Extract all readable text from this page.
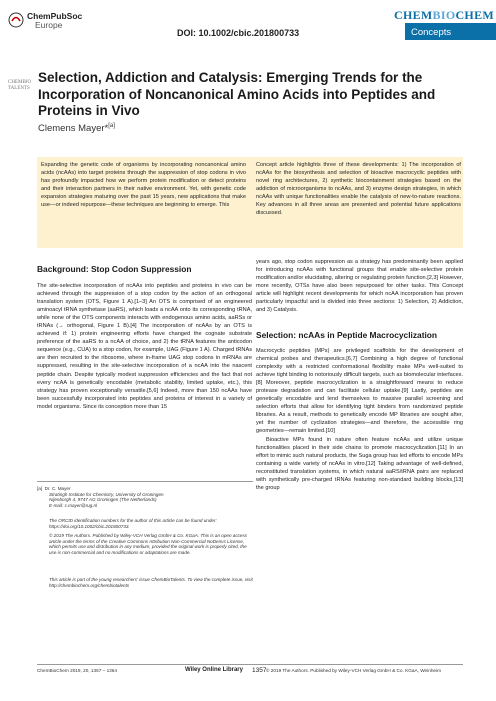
ChemPubSoc
Europe
DOI: 10.1002/cbic.201800733	Concepts
CHEMBIOCHEM
CHEMBIO TALENTS
Selection, Addiction and Catalysis: Emerging Trends for the Incorporation of Noncanonical Amino Acids into Peptides and Proteins in Vivo
Clemens Mayer*[a]
Expanding the genetic code of organisms by incorporating noncanonical amino acids (ncAAs) into target proteins through the suppression of stop codons in vivo has profoundly impacted how we perform protein modification or detect proteins and their interaction partners in their native environment. Yet, with genetic code expansion strategies maturing over the past 15 years, new applications that make use—or indeed repurpose—these techniques are beginning to emerge. This
Concept article highlights three of these developments: 1) The incorporation of ncAAs for the biosynthesis and selection of bioactive macrocyclic peptides with novel ring architectures, 2) synthetic biocontainment strategies based on the addiction of microorganisms to ncAAs, and 3) enzyme design strategies, in which ncAAs with unique functionalities enable the catalysis of new-to-nature reactions. Key advances in all three areas are presented and potential future applications discussed.
Background: Stop Codon Suppression

The site-selective incorporation of ncAAs into peptides and proteins in vivo can be achieved through the suppression of a stop codon by the action of an orthogonal translation system (OTS, Figure 1 A).[1–3] An OTS is comprised of an engineered aminoacyl tRNA synthetase (aaRS), which loads a ncAA onto its corresponding tRNA, while none of the OTS components interacts with endogenous amino acids, aaRSs or tRNAs (→ orthogonal, Figure 1 B).[4] The incorporation of ncAAs by an OTS is achieved if: 1) protein engineering efforts have changed the cognate substrate preference of the aaRS to a ncAA of choice, and 2) the tRNA features the anticodon sequence (e.g., CUA) to a stop codon, for example, UAG (Figure 1 A). Charged tRNAs are then recruited to the ribosome, where in-frame UAG stop codons in mRNAs are suppressed, resulting in the site-selective incorporation of a ncAA into the nascent peptide chain. Despite typically modest suppression efficiencies and the fact that not every ncAA is genetically encodable (metabolic stability, limited uptake, etc.), this strategy has proven exceptionally versatile.[5,6] Indeed, more than 150 ncAAs have been successfully incorporated into peptides and proteins of interest in a variety of model organisms. Since its conception more than 15

years ago, stop codon suppression as a strategy has predominantly been applied for introducing ncAAs with functional groups that enable site-selective protein modification and/or elucidating, altering or regulating protein function.[2,3] However, more recently, OTSs have also been repurposed for other tasks. This Concept article will highlight recent developments for which ncAA incorporation has proven particularly impactful and is divided into three sections: 1) Selection, 2) Addiction, and 3) Catalysis.

Selection: ncAAs in Peptide Macrocyclization

Macrocyclic peptides (MPs) are privileged scaffolds for the development of chemical probes and therapeutics.[6,7] Combining a high degree of functional complexity with a restricted conformational flexibility make MPs well-suited to achieve tight binding to notoriously difficult targets, such as biomolecular interfaces.[8] Moreover, peptide macrocyclization is a straightforward means to reduce protease degradation and can facilitate cellular uptake.[9] Lastly, peptides are genetically encodable and lend themselves to massive parallel screening and selection efforts that allow for identifying tight binders from randomized peptide libraries. As a result, methods to genetically encode MP libraries are sought after, yet the number of cyclization strategies—and therefore, the accessible ring geometries—remain limited.[10]

Bioactive MPs found in nature often feature ncAAs and utilize unique functionalities placed in their side chains to promote macrocyclization.[11] In an effort to mimic such natural products, the Suga group has led efforts to encode MPs containing a wide variety of ncAAs in vitro.[12] Taking advantage of well-defined, reconstituted translation systems, in which natural aaRS/tRNA pairs are replaced with synthetically pre-charged tRNAs featuring non-standard building blocks,[13] the group

[a] Dr. C. Mayer
Stratingh Institute for Chemistry, University of Groningen
Nijenborgh 4, 9747 AG Groningen (The Netherlands)
E-mail: c.mayer@rug.nl
The ORCID identification numbers for the author of this article can be found under: https://doi.org/10.1002/cbic.201800733.
© 2019 The Authors. Published by Wiley-VCH Verlag GmbH & Co. KGaA. This is an open access article under the terms of the Creative Commons Attribution Non-Commercial NoDerivs License, which permits use and distribution in any medium, provided the original work is properly cited, the use is non-commercial and no modifications or adaptations are made.
This article is part of the young researchers' issue ChemBioTalents. To view the complete issue, visit http://chembiochem.org/chembiotalents
ChemBioChem 2019, 20, 1357 – 1364	Wiley Online Library 1357 © 2019 The Authors. Published by Wiley-VCH Verlag GmbH & Co. KGaA, Weinheim
